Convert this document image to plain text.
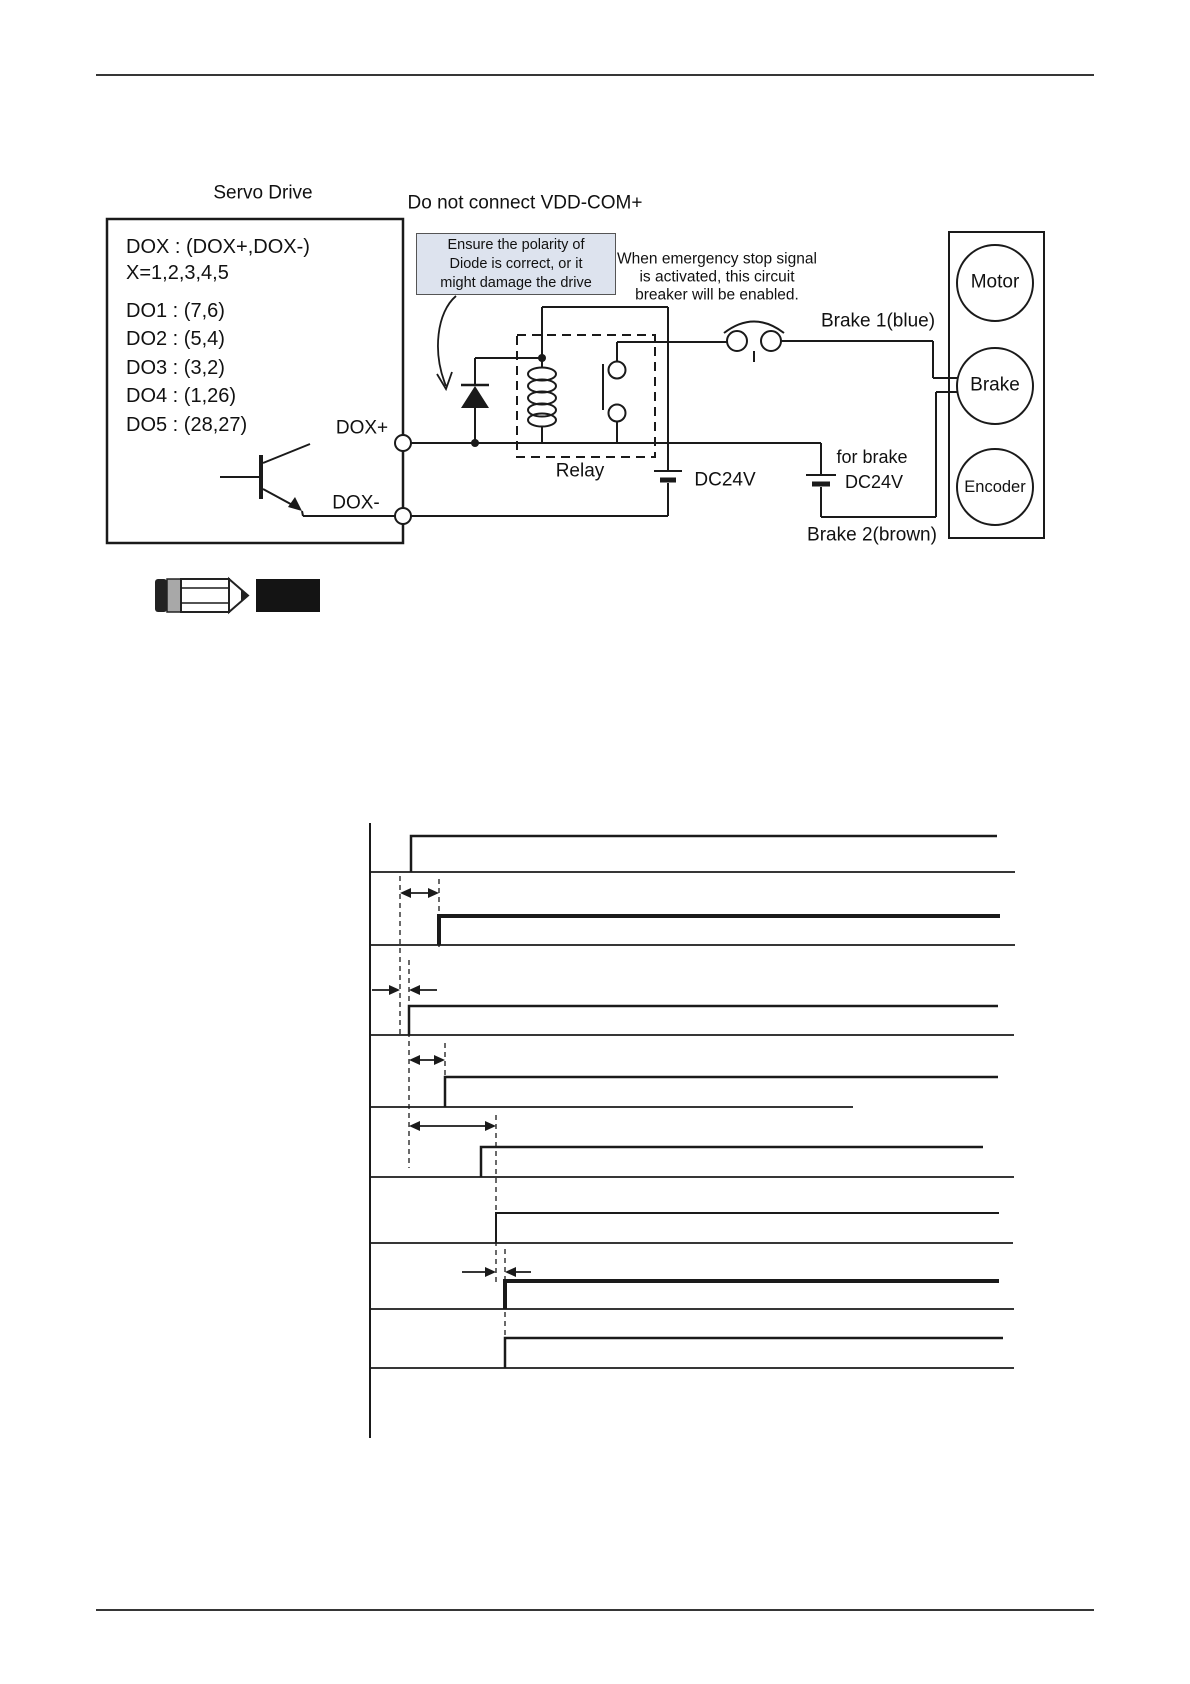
Servo Drive	Do not connect VDD-COM+
Ensure the polarity of
Diode is correct, or it
might damage the drive
DOX : (DOX+,DOX-)
X=1,2,3,4,5
DO1 : (7,6)
DO2 : (5,4)
DO3 : (3,2)
DO4 : (1,26)
DO5 : (28,27)	DOX+
DOX-
When emergency stop signal
is activated, this circuit
breaker will be enabled.
Relay	DC24V
for brake
DC24V
Brake 1(blue)
Brake 2(brown)
Motor
Brake
Encoder
